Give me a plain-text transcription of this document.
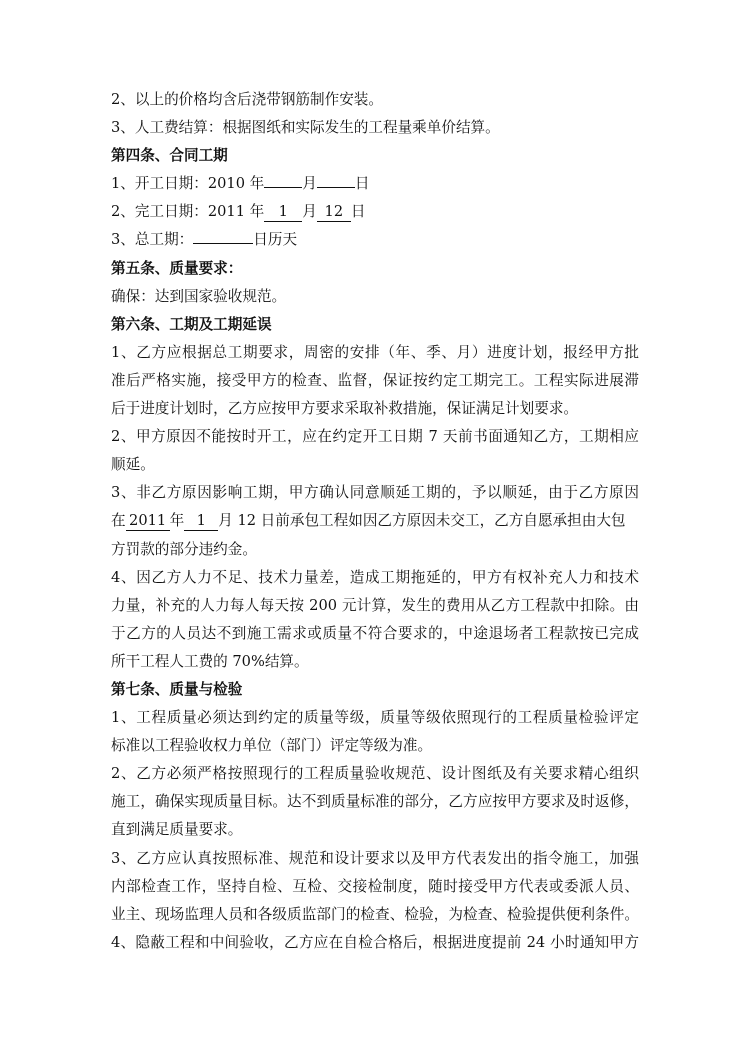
2、以上的价格均含后浇带钢筋制作安装。
3、人工费结算：根据图纸和实际发生的工程量乘单价结算。
第四条、合同工期
1、开工日期：2010 年	月	日
2、完工日期：2011 年 1 月 12 日
3、总工期：	日历天
第五条、质量要求：
确保：达到国家验收规范。
第六条、工期及工期延误
1、乙方应根据总工期要求，周密的安排（年、季、月）进度计划，报经甲方批
准后严格实施，接受甲方的检查、监督，保证按约定工期完工。工程实际进展滞
后于进度计划时，乙方应按甲方要求采取补救措施，保证满足计划要求。
2、甲方原因不能按时开工，应在约定开工日期 7 天前书面通知乙方，工期相应
顺延。
3、非乙方原因影响工期，甲方确认同意顺延工期的，予以顺延，由于乙方原因
在 2011 年 1 月 12 日前承包工程如因乙方原因未交工，乙方自愿承担由大包
方罚款的部分违约金。
4、因乙方人力不足、技术力量差，造成工期拖延的，甲方有权补充人力和技术
力量，补充的人力每人每天按 200 元计算，发生的费用从乙方工程款中扣除。由
于乙方的人员达不到施工需求或质量不符合要求的，中途退场者工程款按已完成
所干工程人工费的 70%结算。
第七条、质量与检验
1、工程质量必须达到约定的质量等级，质量等级依照现行的工程质量检验评定
标准以工程验收权力单位（部门）评定等级为准。
2、乙方必须严格按照现行的工程质量验收规范、设计图纸及有关要求精心组织
施工，确保实现质量目标。达不到质量标准的部分，乙方应按甲方要求及时返修，
直到满足质量要求。
3、乙方应认真按照标准、规范和设计要求以及甲方代表发出的指令施工，加强
内部检查工作，坚持自检、互检、交接检制度，随时接受甲方代表或委派人员、
业主、现场监理人员和各级质监部门的检查、检验，为检查、检验提供便利条件。
4、隐蔽工程和中间验收，乙方应在自检合格后，根据进度提前 24 小时通知甲方
